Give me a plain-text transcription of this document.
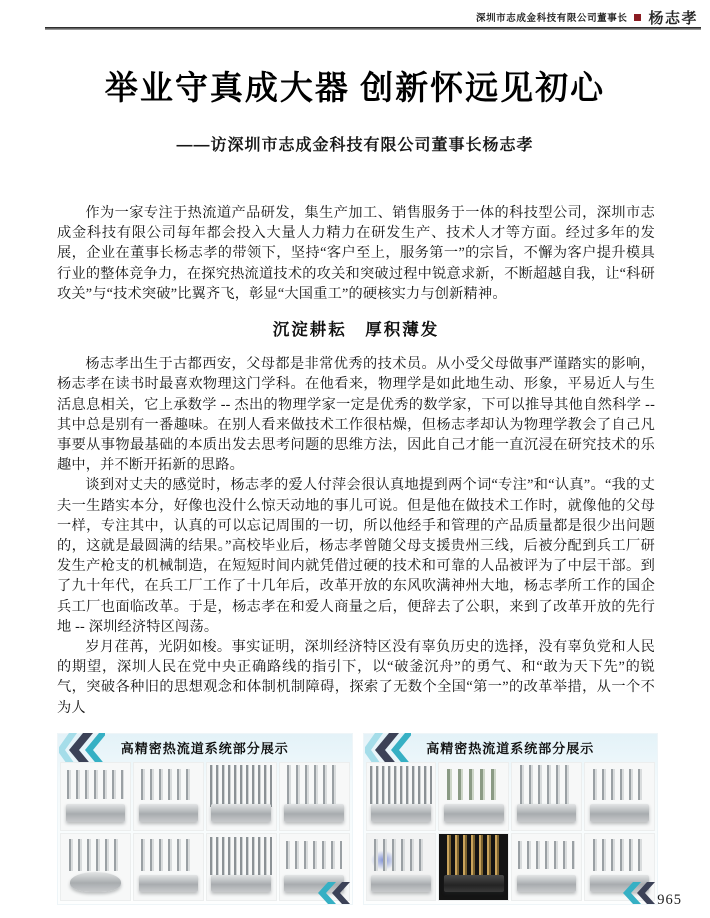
深圳市志成金科技有限公司董事长 杨志孝
举业守真成大器 创新怀远见初心
——访深圳市志成金科技有限公司董事长杨志孝

作为一家专注于热流道产品研发，集生产加工、销售服务于一体的科技型公司，深圳市志成金科技有限公司每年都会投入大量人力精力在研发生产、技术人才等方面。经过多年的发展，企业在董事长杨志孝的带领下，坚持“客户至上，服务第一”的宗旨，不懈为客户提升模具行业的整体竞争力，在探究热流道技术的攻关和突破过程中锐意求新，不断超越自我，让“科研攻关”与“技术突破”比翼齐飞，彰显“大国重工”的硬核实力与创新精神。

沉淀耕耘　厚积薄发

杨志孝出生于古都西安，父母都是非常优秀的技术员。从小受父母做事严谨踏实的影响，杨志孝在读书时最喜欢物理这门学科。在他看来，物理学是如此地生动、形象，平易近人与生活息息相关，它上承数学 -- 杰出的物理学家一定是优秀的数学家，下可以推导其他自然科学 -- 其中总是别有一番趣味。在别人看来做技术工作很枯燥，但杨志孝却认为物理学教会了自己凡事要从事物最基础的本质出发去思考问题的思维方法，因此自己才能一直沉浸在研究技术的乐趣中，并不断开拓新的思路。

谈到对丈夫的感觉时，杨志孝的爱人付萍会很认真地提到两个词“专注”和“认真”。“我的丈夫一生踏实本分，好像也没什么惊天动地的事儿可说。但是他在做技术工作时，就像他的父母一样，专注其中，认真的可以忘记周围的一切，所以他经手和管理的产品质量都是很少出问题的，这就是最圆满的结果。”高校毕业后，杨志孝曾随父母支援贵州三线，后被分配到兵工厂研发生产枪支的机械制造，在短短时间内就凭借过硬的技术和可靠的人品被评为了中层干部。到了九十年代，在兵工厂工作了十几年后，改革开放的东风吹满神州大地，杨志孝所工作的国企兵工厂也面临改革。于是，杨志孝在和爱人商量之后，便辞去了公职，来到了改革开放的先行地 -- 深圳经济特区闯荡。

岁月荏苒，光阴如梭。事实证明，深圳经济特区没有辜负历史的选择，没有辜负党和人民的期望，深圳人民在党中央正确路线的指引下，以“破釜沉舟”的勇气、和“敢为天下先”的锐气，突破各种旧的思想观念和体制机制障碍，探索了无数个全国“第一”的改革举措，从一个不为人

高精密热流道系统部分展示	高精密热流道系统部分展示
965
